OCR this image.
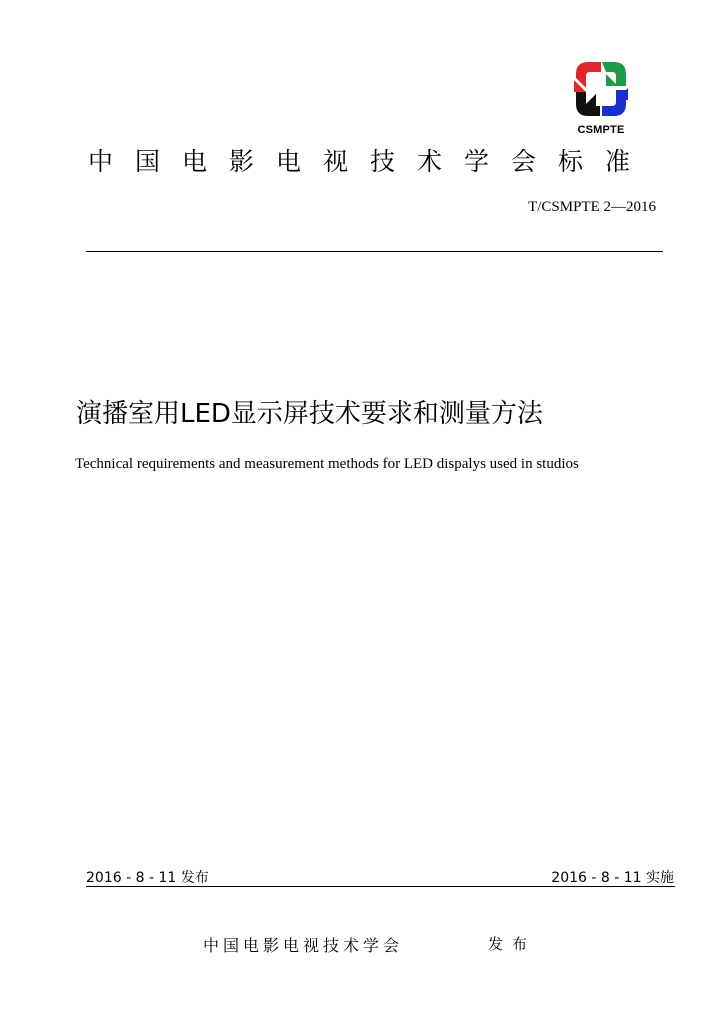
CSMPTE
中国电影电视技术学会标准
T/CSMPTE 2—2016
演播室用LED显示屏技术要求和测量方法
Technical requirements and measurement methods for LED dispalys used in studios
2016 - 8 - 11 发布	2016 - 8 - 11 实施
中国电影电视技术学会	发布
